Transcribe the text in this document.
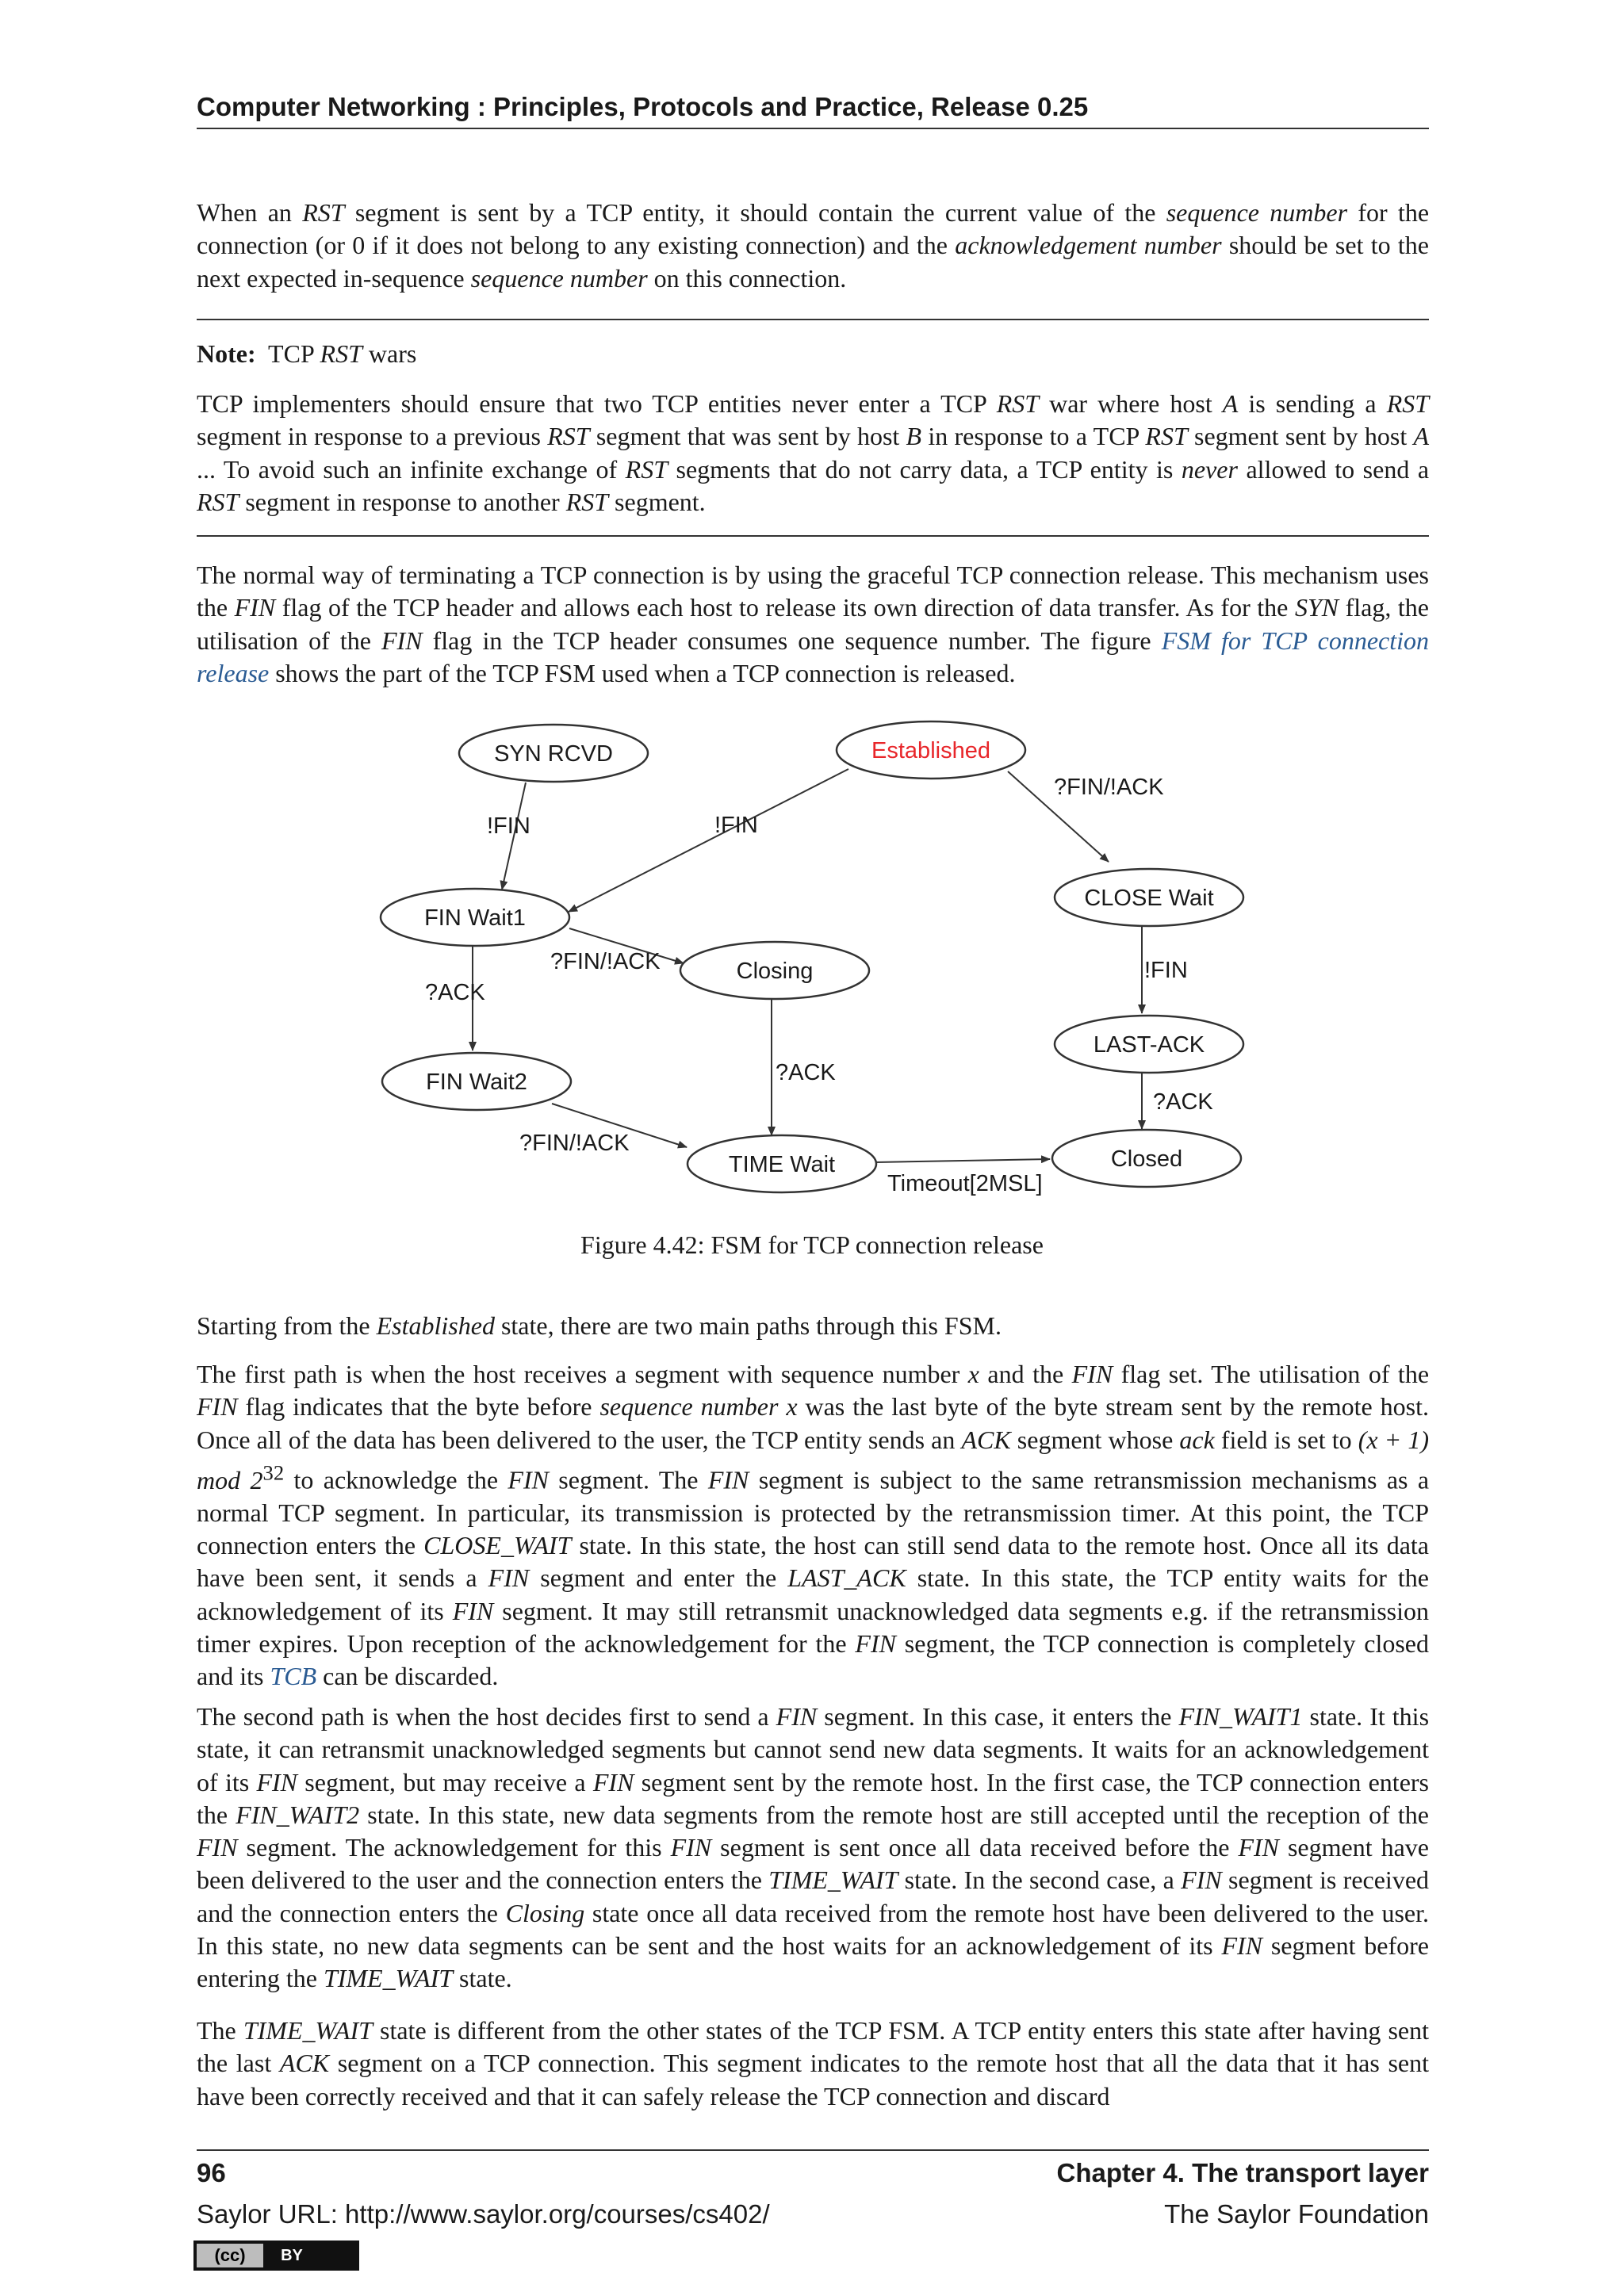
Computer Networking : Principles, Protocols and Practice, Release 0.25

When an RST segment is sent by a TCP entity, it should contain the current value of the sequence number for the connection (or 0 if it does not belong to any existing connection) and the acknowledgement number should be set to the next expected in-sequence sequence number on this connection.

Note: TCP RST wars

TCP implementers should ensure that two TCP entities never enter a TCP RST war where host A is sending a RST segment in response to a previous RST segment that was sent by host B in response to a TCP RST segment sent by host A ... To avoid such an infinite exchange of RST segments that do not carry data, a TCP entity is never allowed to send a RST segment in response to another RST segment.

The normal way of terminating a TCP connection is by using the graceful TCP connection release. This mechanism uses the FIN flag of the TCP header and allows each host to release its own direction of data transfer. As for the SYN flag, the utilisation of the FIN flag in the TCP header consumes one sequence number. The figure FSM for TCP connection release shows the part of the TCP FSM used when a TCP connection is released.

SYN RCVD	Established
FIN Wait1
Closing
CLOSE Wait
LAST-ACK
FIN Wait2
TIME Wait	Closed
!FIN	!FIN
?FIN/!ACK
?FIN/!ACK
?ACK
?ACK
!FIN
?ACK
?FIN/!ACK
Timeout[2MSL]
Figure 4.42: FSM for TCP connection release

Starting from the Established state, there are two main paths through this FSM.

The first path is when the host receives a segment with sequence number x and the FIN flag set. The utilisation of the FIN flag indicates that the byte before sequence number x was the last byte of the byte stream sent by the remote host. Once all of the data has been delivered to the user, the TCP entity sends an ACK segment whose ack field is set to (x + 1) mod $2^{32}$ to acknowledge the FIN segment. The FIN segment is subject to the same retransmission mechanisms as a normal TCP segment. In particular, its transmission is protected by the retransmission timer. At this point, the TCP connection enters the CLOSE_WAIT state. In this state, the host can still send data to the remote host. Once all its data have been sent, it sends a FIN segment and enter the LAST_ACK state. In this state, the TCP entity waits for the acknowledgement of its FIN segment. It may still retransmit unacknowledged data segments e.g. if the retransmission timer expires. Upon reception of the acknowledgement for the FIN segment, the TCP connection is completely closed and its TCB can be discarded.

The second path is when the host decides first to send a FIN segment. In this case, it enters the FIN_WAIT1 state. It this state, it can retransmit unacknowledged segments but cannot send new data segments. It waits for an acknowledgement of its FIN segment, but may receive a FIN segment sent by the remote host. In the first case, the TCP connection enters the FIN_WAIT2 state. In this state, new data segments from the remote host are still accepted until the reception of the FIN segment. The acknowledgement for this FIN segment is sent once all data received before the FIN segment have been delivered to the user and the connection enters the TIME_WAIT state. In the second case, a FIN segment is received and the connection enters the Closing state once all data received from the remote host have been delivered to the user. In this state, no new data segments can be sent and the host waits for an acknowledgement of its FIN segment before entering the TIME_WAIT state.

The TIME_WAIT state is different from the other states of the TCP FSM. A TCP entity enters this state after having sent the last ACK segment on a TCP connection. This segment indicates to the remote host that all the data that it has sent have been correctly received and that it can safely release the TCP connection and discard

96	Chapter 4. The transport layer
Saylor URL: http://www.saylor.org/courses/cs402/	The Saylor Foundation
(cc)	BY
